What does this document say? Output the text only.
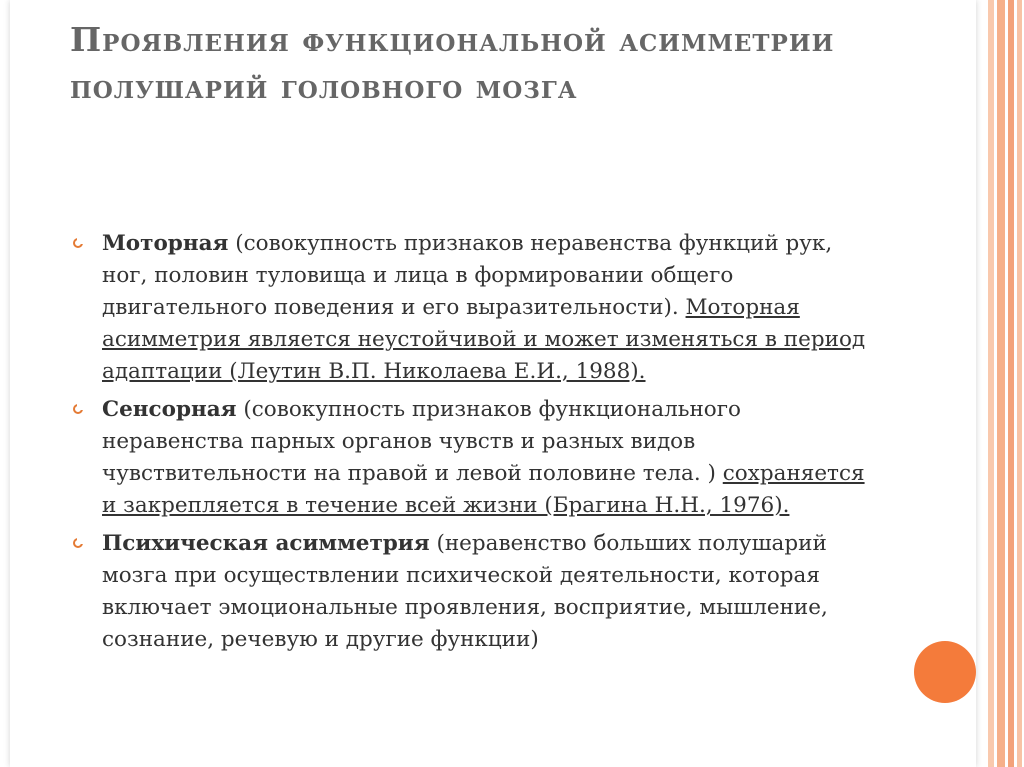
Проявления функциональной асимметрии полушарий головного мозга
Моторная (совокупность признаков неравенства функций рук, ног, половин туловища и лица в формировании общего двигательного поведения и его выразительности). Моторная асимметрия является неустойчивой и может изменяться в период адаптации (Леутин В.П. Николаева Е.И., 1988).
Сенсорная (совокупность признаков функционального неравенства парных органов чувств и разных видов чувствительности на правой и левой половине тела. ) сохраняется и закрепляется в течение всей жизни (Брагина Н.Н., 1976).
Психическая асимметрия (неравенство больших полушарий мозга при осуществлении психической деятельности, которая включает эмоциональные проявления, восприятие, мышление, сознание, речевую и другие функции)
